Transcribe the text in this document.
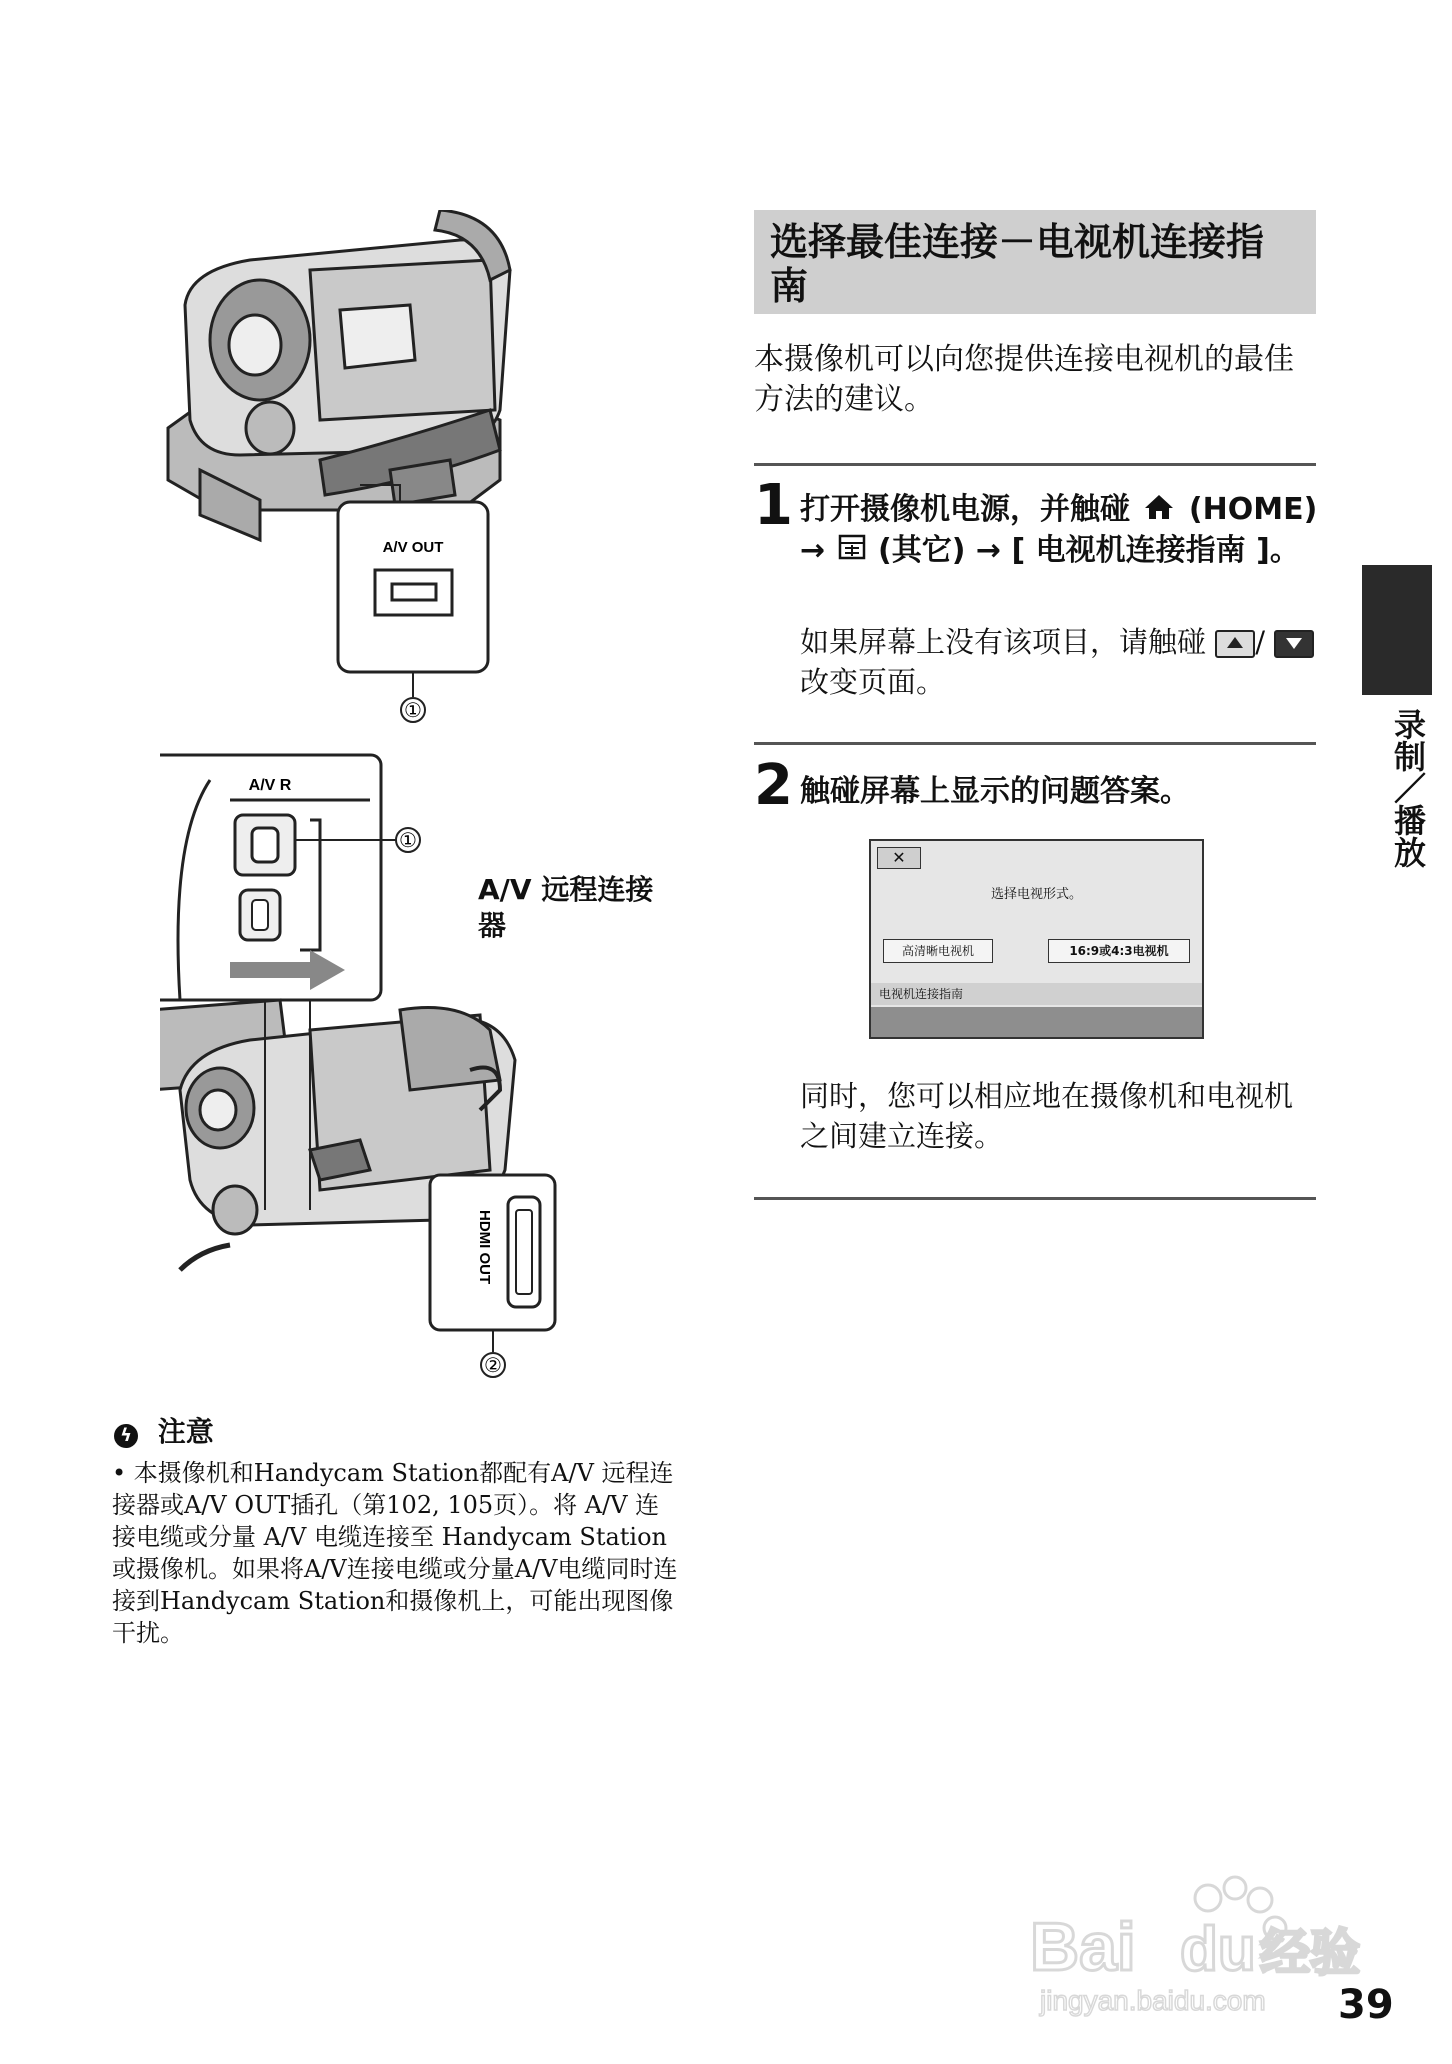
A/V OUT
①
A/V R
①
HDMI OUT
②
A/V 远程连接器
选择最佳连接－电视机连接指南
本摄像机可以向您提供连接电视机的最佳方法的建议。
1 打开摄像机电源，并触碰 (HOME)
→ (其它) → [ 电视机连接指南 ]。
如果屏幕上没有该项目，请触碰 /  改变页面。
2 触碰屏幕上显示的问题答案。
✕
选择电视形式。
高清晰电视机	16:9或4:3电视机
电视机连接指南
同时，您可以相应地在摄像机和电视机之间建立连接。
录制／播放
ϟ 注意
• 本摄像机和Handycam Station都配有A/V 远程连接器或A/V OUT插孔（第102, 105页）。将 A/V 连接电缆或分量 A/V 电缆连接至 Handycam Station或摄像机。如果将A/V连接电缆或分量A/V电缆同时连接到Handycam Station和摄像机上，可能出现图像干扰。
Bai du 经验
jingyan.baidu.com 39
